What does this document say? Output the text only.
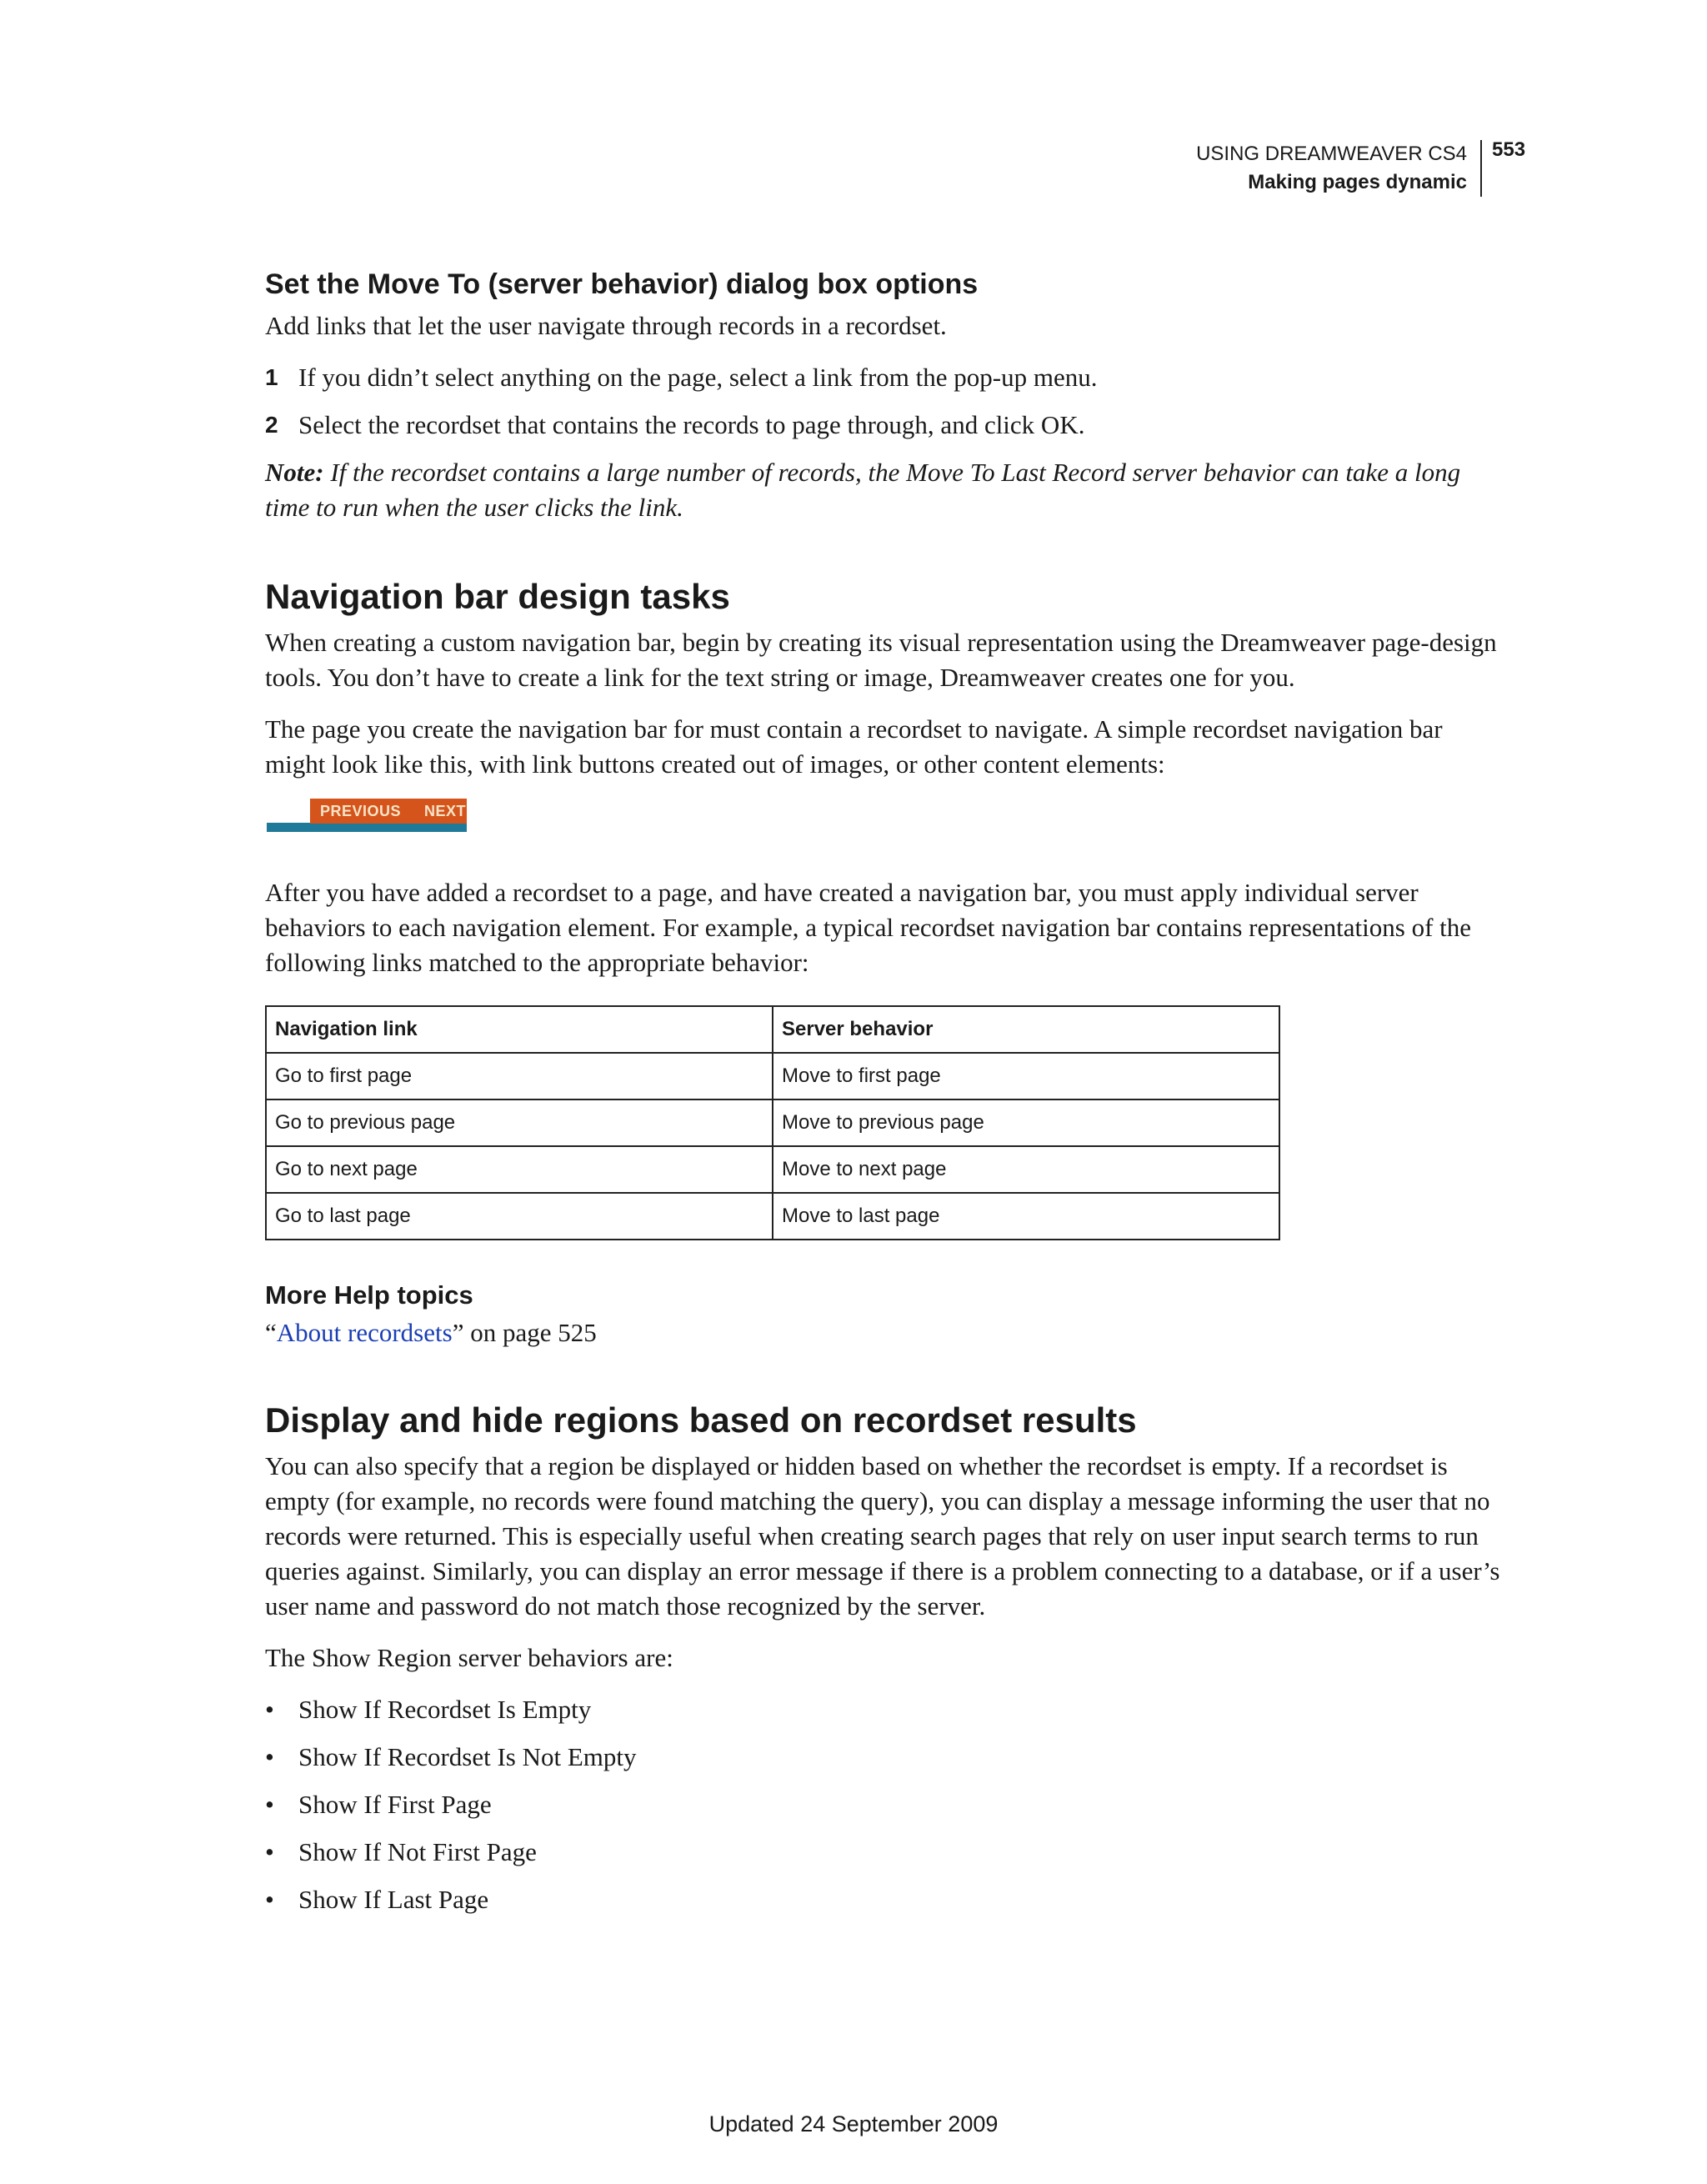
USING DREAMWEAVER CS4
Making pages dynamic
553
Set the Move To (server behavior) dialog box options

Add links that let the user navigate through records in a recordset.

1 If you didn’t select anything on the page, select a link from the pop-up menu.
2 Select the recordset that contains the records to page through, and click OK.

Note: If the recordset contains a large number of records, the Move To Last Record server behavior can take a long time to run when the user clicks the link.

Navigation bar design tasks

When creating a custom navigation bar, begin by creating its visual representation using the Dreamweaver page-design tools. You don’t have to create a link for the text string or image, Dreamweaver creates one for you.

The page you create the navigation bar for must contain a recordset to navigate. A simple recordset navigation bar might look like this, with link buttons created out of images, or other content elements:

PREVIOUS NEXT

After you have added a recordset to a page, and have created a navigation bar, you must apply individual server behaviors to each navigation element. For example, a typical recordset navigation bar contains representations of the following links matched to the appropriate behavior:

Navigation link	Server behavior
Go to first page	Move to first page
Go to previous page	Move to previous page
Go to next page	Move to next page
Go to last page	Move to last page
More Help topics

“About recordsets” on page 525

Display and hide regions based on recordset results

You can also specify that a region be displayed or hidden based on whether the recordset is empty. If a recordset is empty (for example, no records were found matching the query), you can display a message informing the user that no records were returned. This is especially useful when creating search pages that rely on user input search terms to run queries against. Similarly, you can display an error message if there is a problem connecting to a database, or if a user’s user name and password do not match those recognized by the server.

The Show Region server behaviors are:

• Show If Recordset Is Empty
• Show If Recordset Is Not Empty
• Show If First Page
• Show If Not First Page
• Show If Last Page
Updated 24 September 2009
